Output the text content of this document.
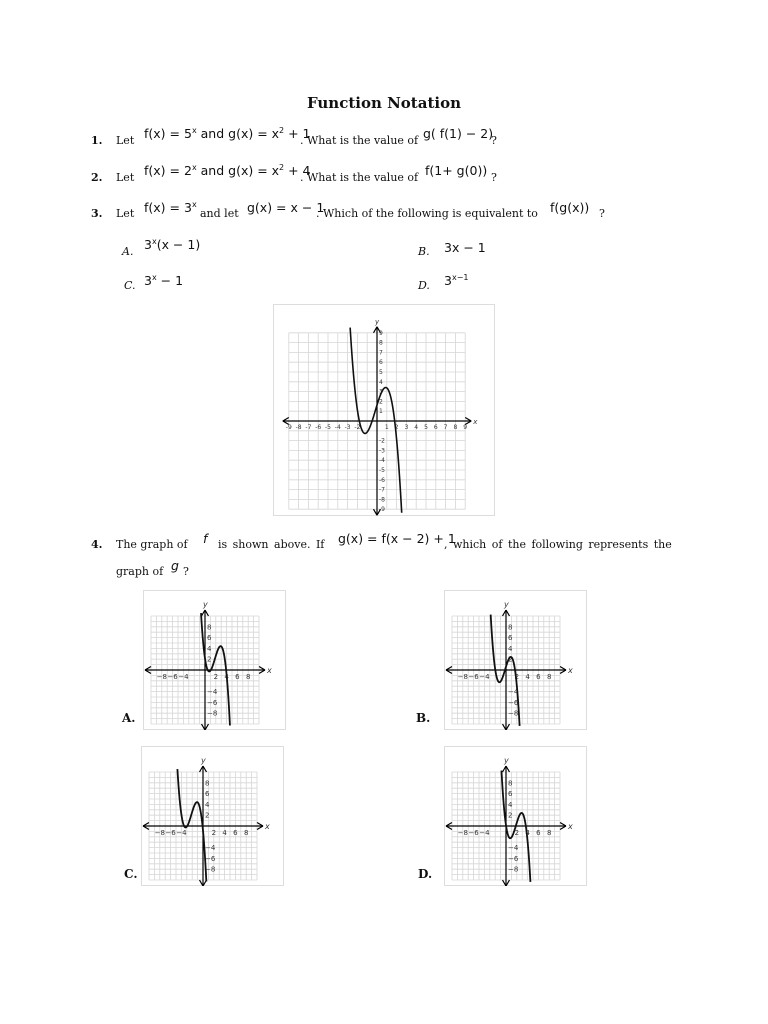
Function Notation
1. Let $f(x) = 5^x$ and $g(x) = x^2 + 1$
. What is the value of g( f(1) − 2)
?
2. Let $f(x) = 2^x$ and $g(x) = x^2 + 4$
. What is the value of f(1+ g(0)) ?
3. Let $f(x) = 3^x$
and let g(x) = x − 1
. Which of the following is equivalent to f(g(x)) ?
A. $3^x(x - 1)$	B. 3x − 1
C. $3^x - 1$	D. $3^{x-1}$
x
y
-9 -8 -7 -6 -5 -4 -3 -2	1 2 3 4 5 6 7 8 9
9
8
7
6
5
4
3
2
1
-2
-3
-4
-5
-6
-7
-8
-9
4. The graph of f is shown above. If g(x) = f(x − 2) + 1
, which of the following represents the
graph of g ?
x
y
−8 −6 −4	2 4 6 8
8
6
4
2
−4
−6
−8
x
y
−8 −6 −4	2 4 6 8
8
6
4
2
−4
−6
−8
x
y
−8 −6 −4	2 4 6 8
8
6
4
2
−4
−6
−8
x
y
−8 −6 −4	2 4 6 8
8
6
4
2
−4
−6
−8
A.	B.
C.	D.
